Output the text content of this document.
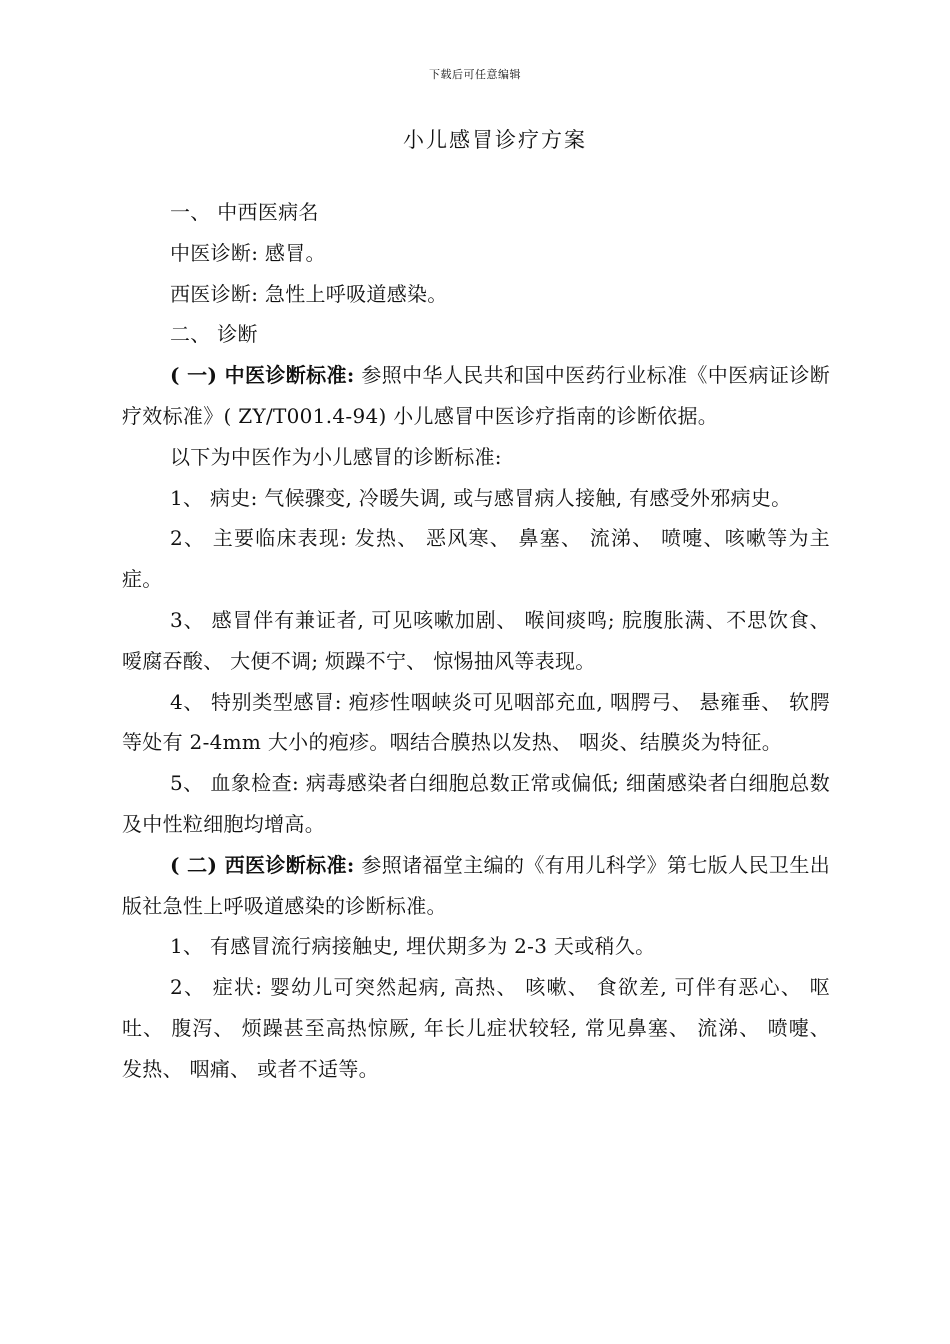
下载后可任意编辑
小儿感冒诊疗方案

一、 中西医病名

中医诊断: 感冒。

西医诊断: 急性上呼吸道感染。

二、 诊断

( 一) 中医诊断标准: 参照中华人民共和国中医药行业标准《中医病证诊断疗效标准》( ZY/T001.4-94) 小儿感冒中医诊疗指南的诊断依据。

以下为中医作为小儿感冒的诊断标准:

1、 病史: 气候骤变, 冷暖失调, 或与感冒病人接触, 有感受外邪病史。

2、 主要临床表现: 发热、 恶风寒、 鼻塞、 流涕、 喷嚏、咳嗽等为主症。

3、 感冒伴有兼证者, 可见咳嗽加剧、 喉间痰鸣; 脘腹胀满、不思饮食、 嗳腐吞酸、 大便不调; 烦躁不宁、 惊惕抽风等表现。

4、 特别类型感冒: 疱疹性咽峡炎可见咽部充血, 咽腭弓、 悬雍垂、 软腭等处有 2-4mm 大小的疱疹。咽结合膜热以发热、 咽炎、结膜炎为特征。

5、 血象检查: 病毒感染者白细胞总数正常或偏低; 细菌感染者白细胞总数及中性粒细胞均增高。

( 二) 西医诊断标准: 参照诸福堂主编的《有用儿科学》第七版人民卫生出版社急性上呼吸道感染的诊断标准。

1、 有感冒流行病接触史, 埋伏期多为 2-3 天或稍久。

2、 症状: 婴幼儿可突然起病, 高热、 咳嗽、 食欲差, 可伴有恶心、 呕吐、 腹泻、 烦躁甚至高热惊厥, 年长儿症状较轻, 常见鼻塞、 流涕、 喷嚏、 发热、 咽痛、 或者不适等。
